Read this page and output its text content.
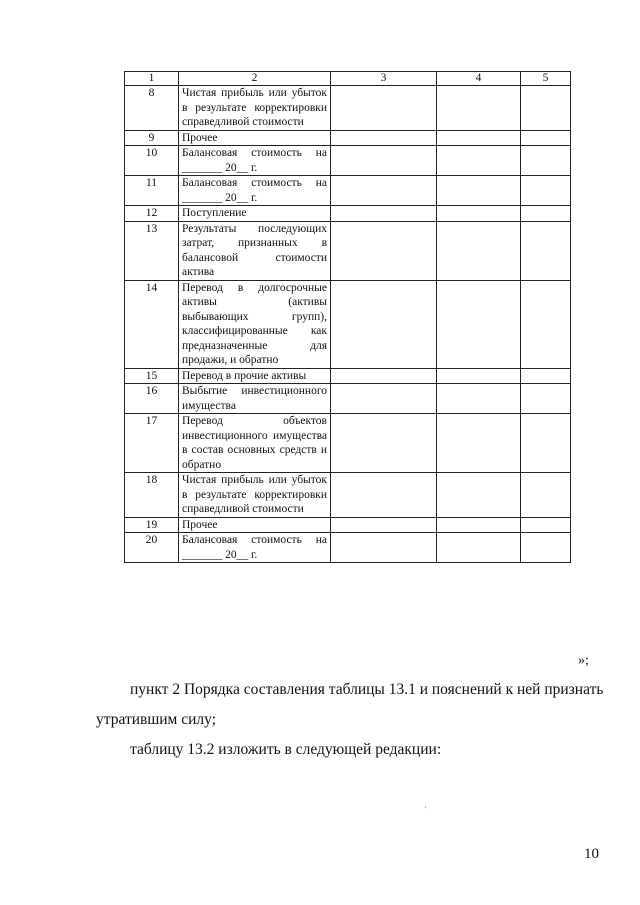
1	2	3	4	5
8	Чистая прибыль или убыток в результате корректировки справедливой стоимости			
9	Прочее			
10	Балансовая стоимость на _______ 20__ г.			
11	Балансовая стоимость на _______ 20__ г.			
12	Поступление			
13	Результаты последующих затрат, признанных в балансовой стоимости актива			
14	Перевод в долгосрочные активы (активы выбывающих групп), классифицированные как предназначенные для продажи, и обратно			
15	Перевод в прочие активы			
16	Выбытие инвестиционного имущества			
17	Перевод объектов инвестиционного имущества в состав основных средств и обратно			
18	Чистая прибыль или убыток в результате корректировки справедливой стоимости			
19	Прочее			
20	Балансовая стоимость на _______ 20__ г.			
»;
пункт 2 Порядка составления таблицы 13.1 и пояснений к ней признать
утратившим силу;
таблицу 13.2 изложить в следующей редакции:
'
10
